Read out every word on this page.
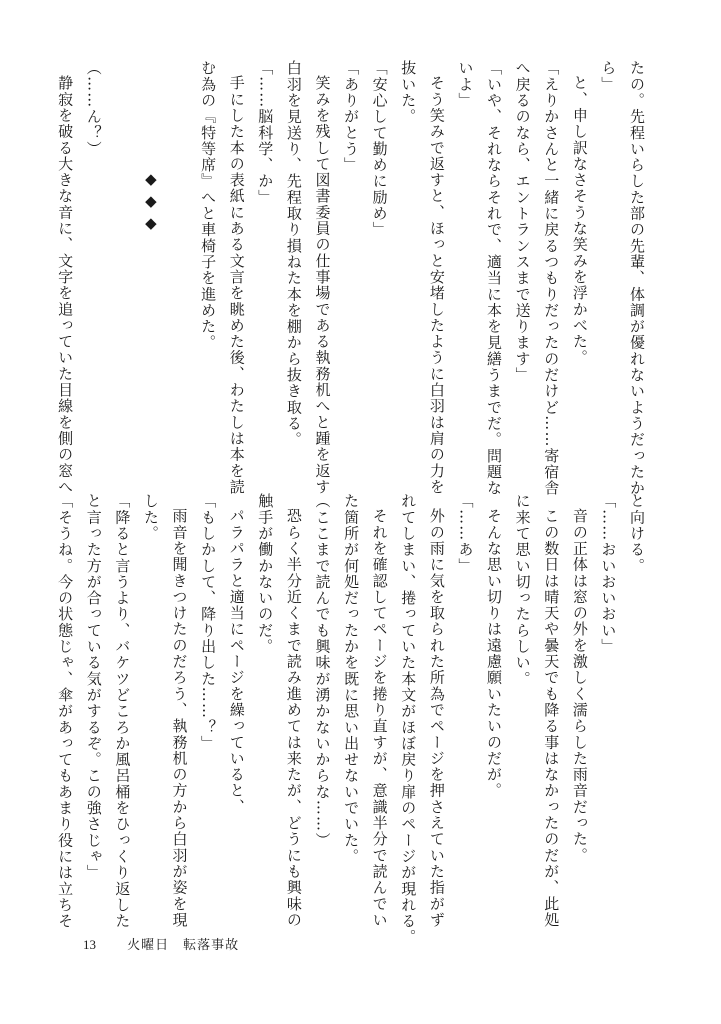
たの。先程いらした部の先輩、体調が優れないようだったか
ら」
と、申し訳なさそうな笑みを浮かべた。
「えりかさんと一緒に戻るつもりだったのだけど……寄宿舎
へ戻るのなら、エントランスまで送ります」
「いや、それならそれで、適当に本を見繕うまでだ。問題な
いよ」
そう笑みで返すと、ほっと安堵したように白羽は肩の力を
抜いた。
「安心して勤めに励め」
「ありがとう」
笑みを残して図書委員の仕事場である執務机へと踵を返す
白羽を見送り、先程取り損ねた本を棚から抜き取る。
「……脳科学、か」
手にした本の表紙にある文言を眺めた後、わたしは本を読
む為の『特等席』へと車椅子を進めた。
◆◆◆
（……ん？）
静寂を破る大きな音に、文字を追っていた目線を側の窓へ
と向ける。
「……おいおいおい」
音の正体は窓の外を激しく濡らした雨音だった。
この数日は晴天や曇天でも降る事はなかったのだが、此処
に来て思い切ったらしい。
そんな思い切りは遠慮願いたいのだが。
「……あ」
外の雨に気を取られた所為でページを押さえていた指がず
れてしまい、捲っていた本文がほぼ戻り扉のページが現れる。
それを確認してページを捲り直すが、意識半分で読んでい
た箇所が何処だったかを既に思い出せないでいた。
（ここまで読んでも興味が湧かないからな……）
恐らく半分近くまで読み進めては来たが、どうにも興味の
触手が働かないのだ。
パラパラと適当にページを繰っていると、
「もしかして、降り出した……？」
雨音を聞きつけたのだろう、執務机の方から白羽が姿を現
した。
「降ると言うより、バケツどころか風呂桶をひっくり返した
と言った方が合っている気がするぞ。この強さじゃ」
「そうね。今の状態じゃ、傘があってもあまり役には立ちそ
13 火曜日　転落事故
